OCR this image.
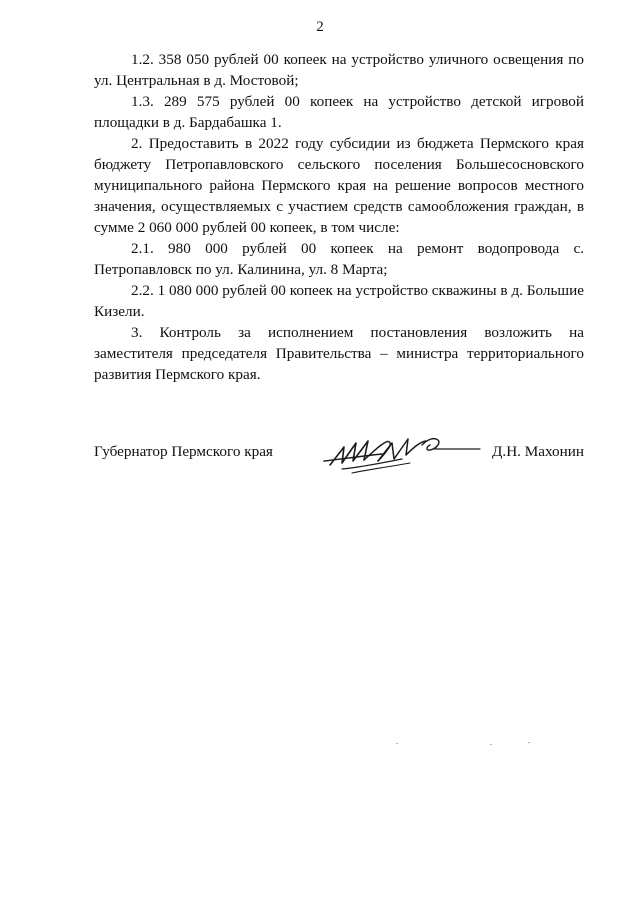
2

1.2. 358 050 рублей 00 копеек на устройство уличного освещения по ул. Центральная в д. Мостовой;

1.3. 289 575 рублей 00 копеек на устройство детской игровой площадки в д. Бардабашка 1.

2. Предоставить в 2022 году субсидии из бюджета Пермского края бюджету Петропавловского сельского поселения Большесосновского муниципального района Пермского края на решение вопросов местного значения, осуществляемых с участием средств самообложения граждан, в сумме 2 060 000 рублей 00 копеек, в том числе:

2.1. 980 000 рублей 00 копеек на ремонт водопровода с. Петропавловск по ул. Калинина, ул. 8 Марта;

2.2. 1 080 000 рублей 00 копеек на устройство скважины в д. Большие Кизели.

3. Контроль за исполнением постановления возложить на заместителя председателя Правительства – министра территориального развития Пермского края.

Губернатор Пермского края	Д.Н. Махонин
